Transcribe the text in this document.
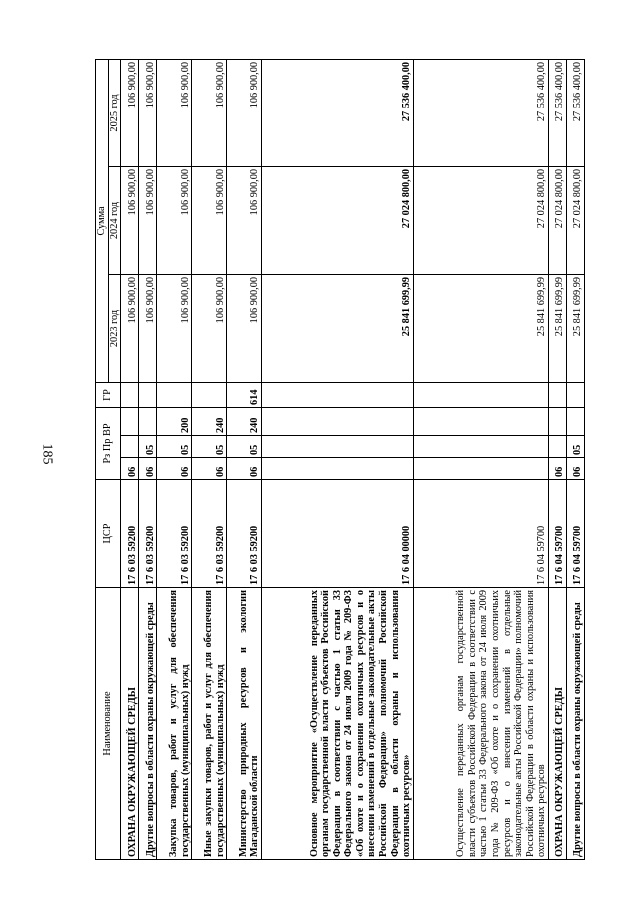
185
Наименование	ЦСР	Рз Пр ВР			ГР	Сумма		
						2023 год	2024 год	2025 год
ОХРАНА ОКРУЖАЮЩЕЙ СРЕДЫ	17 6 03 59200	06				106 900,00	106 900,00	106 900,00
Другие вопросы в области охраны окружающей среды	17 6 03 59200	06	05			106 900,00	106 900,00	106 900,00
Закупка товаров, работ и услуг для обеспечения государственных (муниципальных) нужд	17 6 03 59200	06	05	200		106 900,00	106 900,00	106 900,00
Иные закупки товаров, работ и услуг для обеспечения государственных (муниципальных) нужд	17 6 03 59200	06	05	240		106 900,00	106 900,00	106 900,00
Министерство природных ресурсов и экологии Магаданской области	17 6 03 59200	06	05	240	614	106 900,00	106 900,00	106 900,00
Основное мероприятие «Осуществление переданных органам государственной власти субъектов Российской Федерации в соответствии с частью 1 статьи 33 Федерального закона от 24 июля 2009 года № 209-ФЗ «Об охоте и о сохранении охотничьих ресурсов и о внесении изменений в отдельные законодательные акты Российской Федерации» полномочий Российской Федерации в области охраны и использования охотничьих ресурсов»	17 6 04 00000					25 841 699,99	27 024 800,00	27 536 400,00
Осуществление переданных органам государственной власти субъектов Российской Федерации в соответствии с частью 1 статьи 33 Федерального закона от 24 июля 2009 года № 209-ФЗ «Об охоте и о сохранении охотничьих ресурсов и о внесении изменений в отдельные законодательные акты Российской Федерации» полномочий Российской Федерации в области охраны и использования охотничьих ресурсов	17 6 04 59700					25 841 699,99	27 024 800,00	27 536 400,00
ОХРАНА ОКРУЖАЮЩЕЙ СРЕДЫ	17 6 04 59700	06				25 841 699,99	27 024 800,00	27 536 400,00
Другие вопросы в области охраны окружающей среды	17 6 04 59700	06	05			25 841 699,99	27 024 800,00	27 536 400,00
